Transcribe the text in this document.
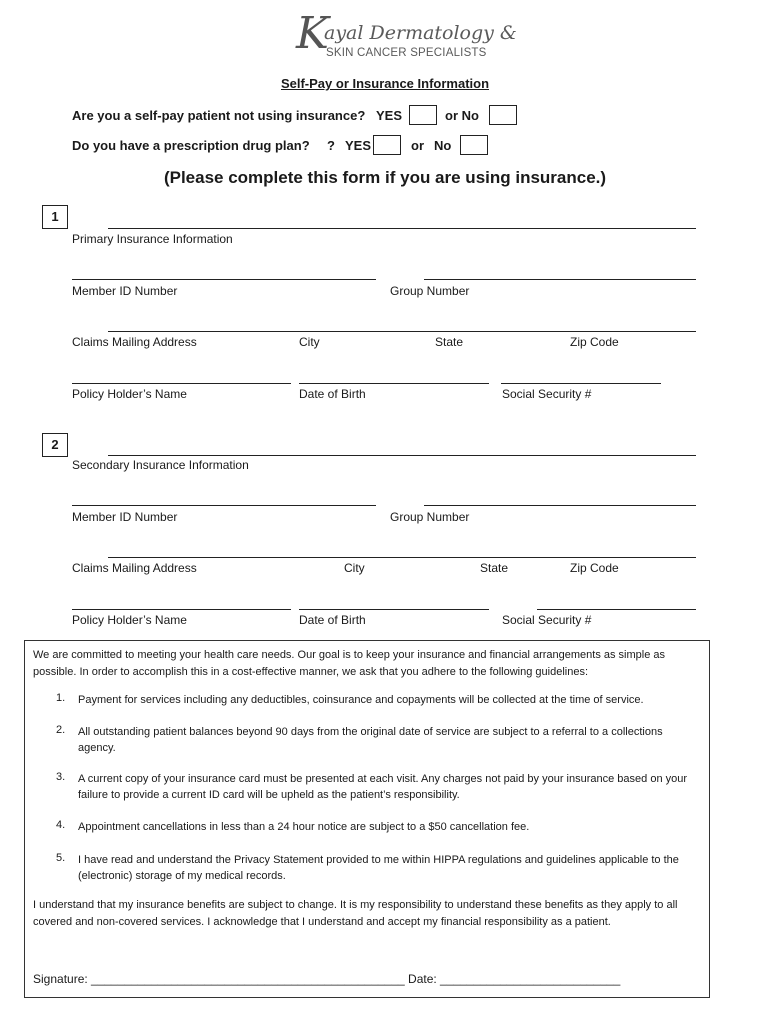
K
ayal Dermatology &
SKIN CANCER SPECIALISTS
Self-Pay or Insurance Information
Are you a self-pay patient not using insurance? YES	or No
Do you have a prescription drug plan? ? YES	or No
(Please complete this form if you are using insurance.)
1
Primary Insurance Information
Member ID Number	Group Number
Claims Mailing Address	City	State	Zip Code
Policy Holder’s Name	Date of Birth	Social Security #
2
Secondary Insurance Information
Member ID Number	Group Number
Claims Mailing Address	City	State	Zip Code
Policy Holder’s Name	Date of Birth	Social Security #
We are committed to meeting your health care needs. Our goal is to keep your insurance and financial arrangements as simple as possible. In order to accomplish this in a cost-effective manner, we ask that you adhere to the following guidelines:
1. Payment for services including any deductibles, coinsurance and copayments will be collected at the time of service.
2. All outstanding patient balances beyond 90 days from the original date of service are subject to a referral to a collections agency.
3. A current copy of your insurance card must be presented at each visit. Any charges not paid by your insurance based on your failure to provide a current ID card will be upheld as the patient’s responsibility.
4. Appointment cancellations in less than a 24 hour notice are subject to a $50 cancellation fee.
5. I have read and understand the Privacy Statement provided to me within HIPPA regulations and guidelines applicable to the (electronic) storage of my medical records.
I understand that my insurance benefits are subject to change. It is my responsibility to understand these benefits as they apply to all covered and non-covered services. I acknowledge that I understand and accept my financial responsibility as a patient.
Signature: _______________________________________________ Date: ___________________________
